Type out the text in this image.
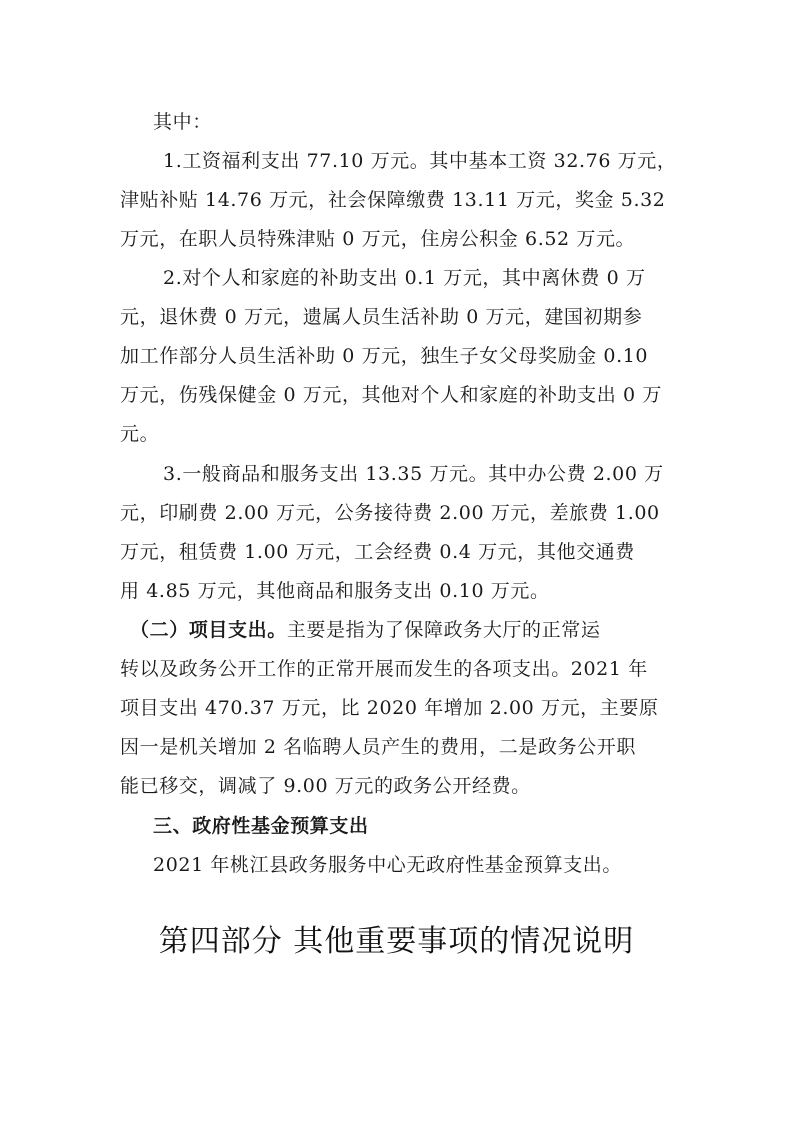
其中：
1.工资福利支出 77.10 万元。其中基本工资 32.76 万元，
津贴补贴 14.76 万元，社会保障缴费 13.11 万元，奖金 5.32
万元，在职人员特殊津贴 0 万元，住房公积金 6.52 万元。
2.对个人和家庭的补助支出 0.1 万元，其中离休费 0 万
元，退休费 0 万元，遗属人员生活补助 0 万元，建国初期参
加工作部分人员生活补助 0 万元，独生子女父母奖励金 0.10
万元，伤残保健金 0 万元，其他对个人和家庭的补助支出 0 万
元。
3.一般商品和服务支出 13.35 万元。其中办公费 2.00 万
元，印刷费 2.00 万元，公务接待费 2.00 万元，差旅费 1.00
万元，租赁费 1.00 万元，工会经费 0.4 万元，其他交通费
用 4.85 万元，其他商品和服务支出 0.10 万元。
（二）项目支出。主要是指为了保障政务大厅的正常运
转以及政务公开工作的正常开展而发生的各项支出。2021 年
项目支出 470.37 万元，比 2020 年增加 2.00 万元，主要原
因一是机关增加 2 名临聘人员产生的费用，二是政务公开职
能已移交，调减了 9.00 万元的政务公开经费。
三、政府性基金预算支出
2021 年桃江县政务服务中心无政府性基金预算支出。
第四部分 其他重要事项的情况说明
